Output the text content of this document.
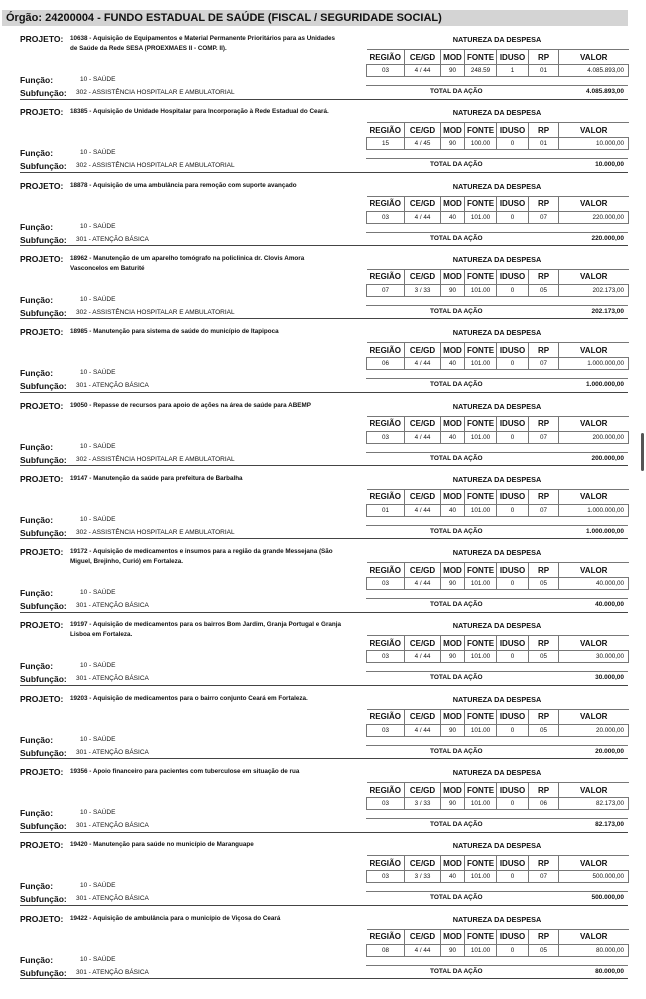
Órgão: 24200004 - FUNDO ESTADUAL DE SAÚDE (FISCAL / SEGURIDADE SOCIAL)
PROJETO: 10638 - Aquisição de Equipamentos e Material Permanente Prioritários para as Unidades de Saúde da Rede SESA (PROEXMAES II - COMP. II).
Função:	10 - SAÚDE
Subfunção: 302 - ASSISTÊNCIA HOSPITALAR E AMBULATORIAL
NATUREZA DA DESPESA
REGIÃO	CE/GD	MOD	FONTE	IDUSO	RP	VALOR
03	4 / 44	90	248.59	1	01	4.085.893,00
TOTAL DA AÇÃO	4.085.893,00
PROJETO: 18385 - Aquisição de Unidade Hospitalar para Incorporação à Rede Estadual do Ceará.
Função:	10 - SAÚDE
Subfunção: 302 - ASSISTÊNCIA HOSPITALAR E AMBULATORIAL
NATUREZA DA DESPESA
REGIÃO	CE/GD	MOD	FONTE	IDUSO	RP	VALOR
15	4 / 45	90	100.00	0	01	10.000,00
TOTAL DA AÇÃO	10.000,00
PROJETO: 18878 - Aquisição de uma ambulância para remoção com suporte avançado
Função:	10 - SAÚDE
Subfunção: 301 - ATENÇÃO BÁSICA
NATUREZA DA DESPESA
REGIÃO	CE/GD	MOD	FONTE	IDUSO	RP	VALOR
03	4 / 44	40	101.00	0	07	220.000,00
TOTAL DA AÇÃO	220.000,00
PROJETO: 18962 - Manutenção de um aparelho tomógrafo na policlinica dr. Clovis Amora Vasconcelos em Baturité
Função:	10 - SAÚDE
Subfunção: 302 - ASSISTÊNCIA HOSPITALAR E AMBULATORIAL
NATUREZA DA DESPESA
REGIÃO	CE/GD	MOD	FONTE	IDUSO	RP	VALOR
07	3 / 33	90	101.00	0	05	202.173,00
TOTAL DA AÇÃO	202.173,00
PROJETO: 18985 - Manutenção para sistema de saúde do município de Itapipoca
Função:	10 - SAÚDE
Subfunção: 301 - ATENÇÃO BÁSICA
NATUREZA DA DESPESA
REGIÃO	CE/GD	MOD	FONTE	IDUSO	RP	VALOR
06	4 / 44	40	101.00	0	07	1.000.000,00
TOTAL DA AÇÃO	1.000.000,00
PROJETO: 19050 - Repasse de recursos para apoio de ações na área de saúde para ABEMP
Função:	10 - SAÚDE
Subfunção: 302 - ASSISTÊNCIA HOSPITALAR E AMBULATORIAL
NATUREZA DA DESPESA
REGIÃO	CE/GD	MOD	FONTE	IDUSO	RP	VALOR
03	4 / 44	40	101.00	0	07	200.000,00
TOTAL DA AÇÃO	200.000,00
PROJETO: 19147 - Manutenção da saúde para prefeitura de Barbalha
Função:	10 - SAÚDE
Subfunção: 302 - ASSISTÊNCIA HOSPITALAR E AMBULATORIAL
NATUREZA DA DESPESA
REGIÃO	CE/GD	MOD	FONTE	IDUSO	RP	VALOR
01	4 / 44	40	101.00	0	07	1.000.000,00
TOTAL DA AÇÃO	1.000.000,00
PROJETO: 19172 - Aquisição de medicamentos e insumos para a região da grande Messejana (São Miguel, Brejinho, Curió) em Fortaleza.
Função:	10 - SAÚDE
Subfunção: 301 - ATENÇÃO BÁSICA
NATUREZA DA DESPESA
REGIÃO	CE/GD	MOD	FONTE	IDUSO	RP	VALOR
03	4 / 44	90	101.00	0	05	40.000,00
TOTAL DA AÇÃO	40.000,00
PROJETO: 19197 - Aquisição de medicamentos para os bairros Bom Jardim, Granja Portugal e Granja Lisboa em Fortaleza.
Função:	10 - SAÚDE
Subfunção: 301 - ATENÇÃO BÁSICA
NATUREZA DA DESPESA
REGIÃO	CE/GD	MOD	FONTE	IDUSO	RP	VALOR
03	4 / 44	90	101.00	0	05	30.000,00
TOTAL DA AÇÃO	30.000,00
PROJETO: 19203 - Aquisição de medicamentos para o bairro conjunto Ceará em Fortaleza.
Função:	10 - SAÚDE
Subfunção: 301 - ATENÇÃO BÁSICA
NATUREZA DA DESPESA
REGIÃO	CE/GD	MOD	FONTE	IDUSO	RP	VALOR
03	4 / 44	90	101.00	0	05	20.000,00
TOTAL DA AÇÃO	20.000,00
PROJETO: 19356 - Apoio financeiro para pacientes com tuberculose em situação de rua
Função:	10 - SAÚDE
Subfunção: 301 - ATENÇÃO BÁSICA
NATUREZA DA DESPESA
REGIÃO	CE/GD	MOD	FONTE	IDUSO	RP	VALOR
03	3 / 33	90	101.00	0	06	82.173,00
TOTAL DA AÇÃO	82.173,00
PROJETO: 19420 - Manutenção para saúde no município de Maranguape
Função:	10 - SAÚDE
Subfunção: 301 - ATENÇÃO BÁSICA
NATUREZA DA DESPESA
REGIÃO	CE/GD	MOD	FONTE	IDUSO	RP	VALOR
03	3 / 33	40	101.00	0	07	500.000,00
TOTAL DA AÇÃO	500.000,00
PROJETO: 19422 - Aquisição de ambulância para o município de Viçosa do Ceará
Função:	10 - SAÚDE
Subfunção: 301 - ATENÇÃO BÁSICA
NATUREZA DA DESPESA
REGIÃO	CE/GD	MOD	FONTE	IDUSO	RP	VALOR
08	4 / 44	90	101.00	0	05	80.000,00
TOTAL DA AÇÃO	80.000,00
